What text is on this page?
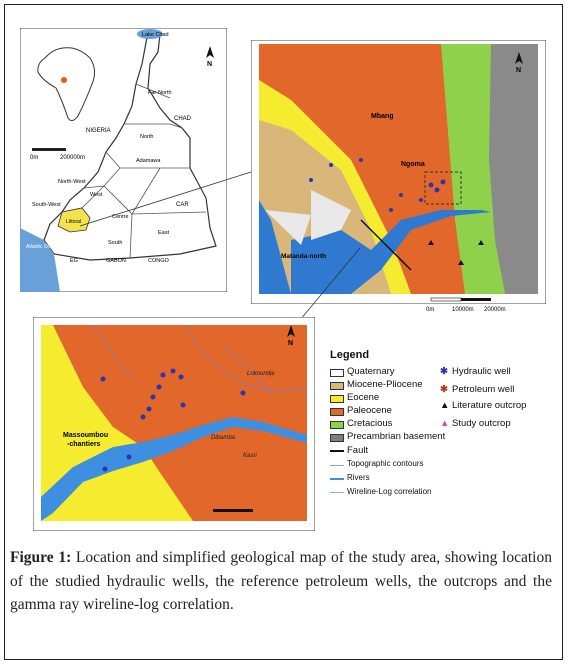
0m	200000m
N
Lake Chad
Far-North
CHAD
NIGERIA
North
Adamawa
North-West
West
South-West
Littoral
Centre
CAR
East
South
EG	GABON	CONGO
Atlantic Ocean
Mbang
Ngoma
Matanda-north
N
0m	10000m 20000m
Massoumbou
-chantiers
Dibamba
Kasri
Lokoundje
N
Legend
Quaternary
Miocene-Pliocene
Eocene
Paleocene
Cretacious
Precambrian basement
Fault
Topographic contours
Rivers
Wireline-Log correlation
✱ Hydraulic well
✱ Petroleum well
▲ Literature outcrop
▲ Study outcrop
Figure 1: Location and simplified geological map of the study area, showing location of the studied hydraulic wells, the reference petroleum wells, the outcrops and the gamma ray wireline-log correlation.
